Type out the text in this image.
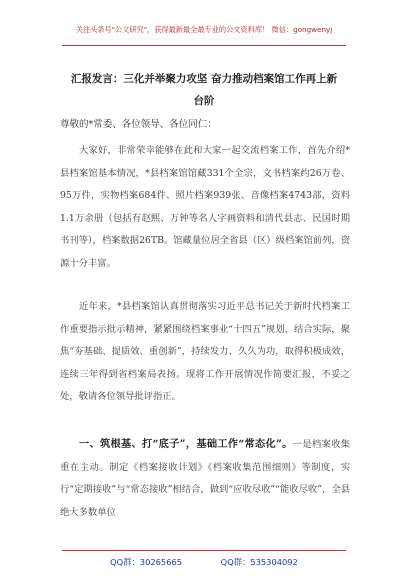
关注头条号"公文研究"，获得最新最全最专业的公文资料库！ 微信：gongwenyj
汇报发言：三化并举聚力攻坚 奋力推动档案馆工作再上新
台阶
尊敬的*常委、各位领导、各位同仁：

大家好，非常荣幸能够在此和大家一起交流档案工作，首先介绍*县档案馆基本情况，*县档案馆馆藏331个全宗，文书档案约26万卷、95万件，实物档案684件、照片档案939张、音像档案4743部，资料1.1万余册（包括有赵熙、万钟等名人字画资料和清代县志、民国时期书刊等），档案数据26TB。馆藏量位居全省县（区）级档案馆前列，资源十分丰富。

近年来，*县档案馆认真贯彻落实习近平总书记关于新时代档案工作重要指示批示精神，紧紧围绕档案事业“十四五”规划，结合实际，聚焦“夯基础、提质效、重创新”，持续发力、久久为功，取得积极成效，连续三年得到省档案局表扬。现将工作开展情况作简要汇报，不妥之处，敬请各位领导批评指正。

一、筑根基、打“底子”，基础工作“常态化”。一是档案收集重在主动。制定《档案接收计划》《档案收集范围细则》等制度，实行“定期接收”与“常态接收”相结合，做到“应收尽收”“能收尽收”，全县绝大多数单位

QQ群：30265665	QQ群：535304092
